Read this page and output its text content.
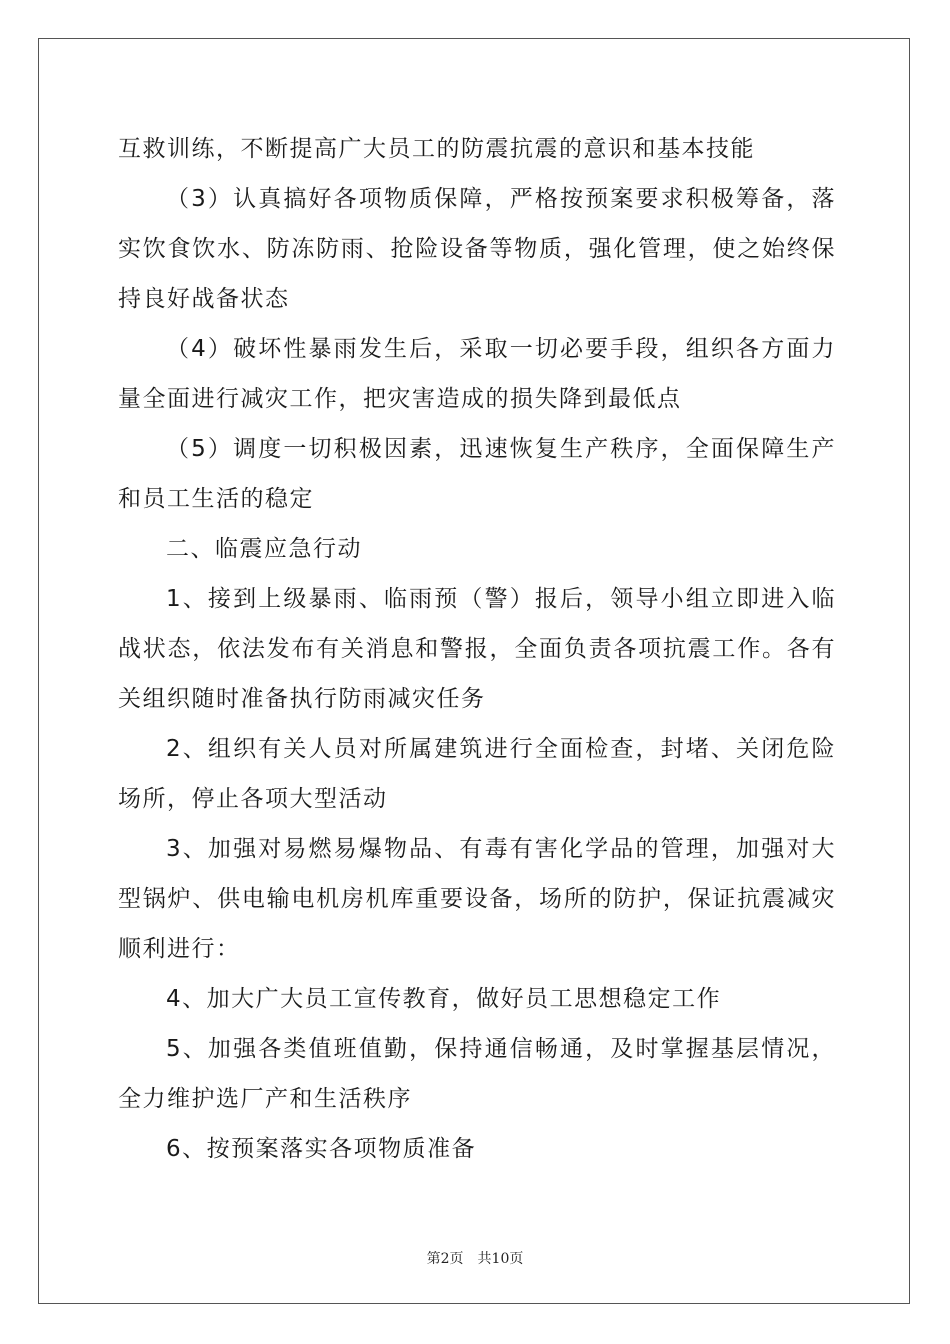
互救训练，不断提高广大员工的防震抗震的意识和基本技能

（3）认真搞好各项物质保障，严格按预案要求积极筹备，落实饮食饮水、防冻防雨、抢险设备等物质，强化管理，使之始终保持良好战备状态

（4）破坏性暴雨发生后，采取一切必要手段，组织各方面力量全面进行减灾工作，把灾害造成的损失降到最低点

（5）调度一切积极因素，迅速恢复生产秩序，全面保障生产和员工生活的稳定

二、临震应急行动

1、接到上级暴雨、临雨预（警）报后，领导小组立即进入临战状态，依法发布有关消息和警报，全面负责各项抗震工作。各有关组织随时准备执行防雨减灾任务

2、组织有关人员对所属建筑进行全面检查，封堵、关闭危险场所，停止各项大型活动

3、加强对易燃易爆物品、有毒有害化学品的管理，加强对大型锅炉、供电输电机房机库重要设备，场所的防护，保证抗震减灾顺利进行：

4、加大广大员工宣传教育，做好员工思想稳定工作

5、加强各类值班值勤，保持通信畅通，及时掌握基层情况，全力维护选厂产和生活秩序

6、按预案落实各项物质准备

第2页　共10页
